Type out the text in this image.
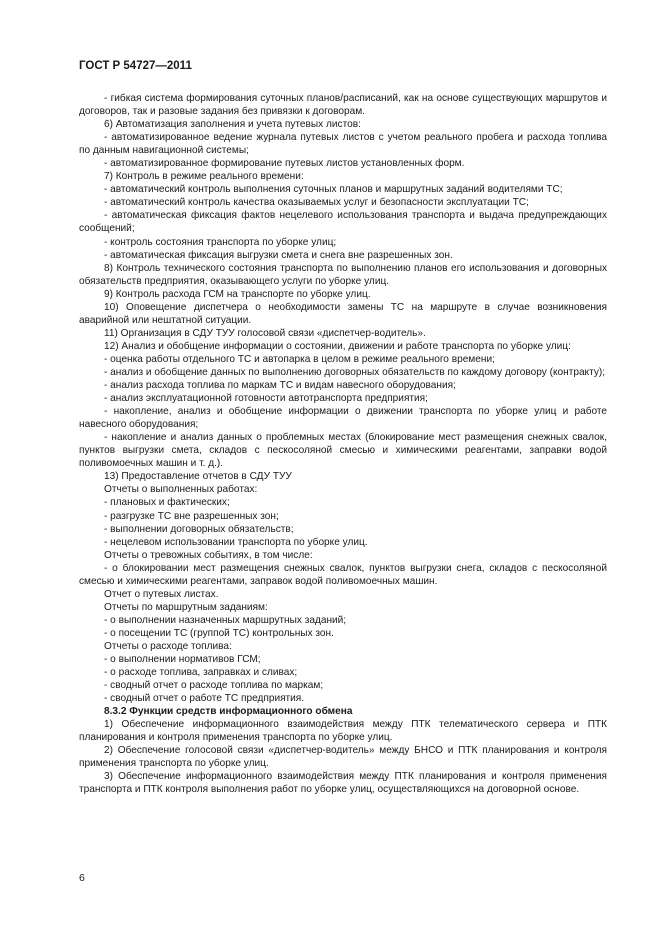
ГОСТ Р 54727—2011

- гибкая система формирования суточных планов/расписаний, как на основе существующих маршрутов и договоров, так и разовые задания без привязки к договорам.

6) Автоматизация заполнения и учета путевых листов:

- автоматизированное ведение журнала путевых листов с учетом реального пробега и расхода топлива по данным навигационной системы;

- автоматизированное формирование путевых листов установленных форм.

7) Контроль в режиме реального времени:

- автоматический контроль выполнения суточных планов и маршрутных заданий водителями ТС;

- автоматический контроль качества оказываемых услуг и безопасности эксплуатации ТС;

- автоматическая фиксация фактов нецелевого использования транспорта и выдача предупреждающих сообщений;

- контроль состояния транспорта по уборке улиц;

- автоматическая фиксация выгрузки смета и снега вне разрешенных зон.

8) Контроль технического состояния транспорта по выполнению планов его использования и договорных обязательств предприятия, оказывающего услуги по уборке улиц.

9) Контроль расхода ГСМ на транспорте по уборке улиц.

10) Оповещение диспетчера о необходимости замены ТС на маршруте в случае возникновения аварийной или нештатной ситуации.

11) Организация в СДУ ТУУ голосовой связи «диспетчер-водитель».

12) Анализ и обобщение информации о состоянии, движении и работе транспорта по уборке улиц:

- оценка работы отдельного ТС и автопарка в целом в режиме реального времени;

- анализ и обобщение данных по выполнению договорных обязательств по каждому договору (контракту);

- анализ расхода топлива по маркам ТС и видам навесного оборудования;

- анализ эксплуатационной готовности автотранспорта предприятия;

- накопление, анализ и обобщение информации о движении транспорта по уборке улиц и работе навесного оборудования;

- накопление и анализ данных о проблемных местах (блокирование мест размещения снежных свалок, пунктов выгрузки смета, складов с пескосоляной смесью и химическими реагентами, заправки водой поливомоечных машин и т. д.).

13) Предоставление отчетов в СДУ ТУУ

Отчеты о выполненных работах:

- плановых и фактических;

- разгрузке ТС вне разрешенных зон;

- выполнении договорных обязательств;

- нецелевом использовании транспорта по уборке улиц.

Отчеты о тревожных событиях, в том числе:

- о блокировании мест размещения снежных свалок, пунктов выгрузки снега, складов с пескосоляной смесью и химическими реагентами, заправок водой поливомоечных машин.

Отчет о путевых листах.

Отчеты по маршрутным заданиям:

- о выполнении назначенных маршрутных заданий;

- о посещении ТС (группой ТС) контрольных зон.

Отчеты о расходе топлива:

- о выполнении нормативов ГСМ;

- о расходе топлива, заправках и сливах;

- сводный отчет о расходе топлива по маркам;

- сводный отчет о работе ТС предприятия.

8.3.2 Функции средств информационного обмена

1) Обеспечение информационного взаимодействия между ПТК телематического сервера и ПТК планирования и контроля применения транспорта по уборке улиц.

2) Обеспечение голосовой связи «диспетчер-водитель» между БНСО и ПТК планирования и контроля применения транспорта по уборке улиц.

3) Обеспечение информационного взаимодействия между ПТК планирования и контроля применения транспорта и ПТК контроля выполнения работ по уборке улиц, осуществляющихся на договорной основе.

6
